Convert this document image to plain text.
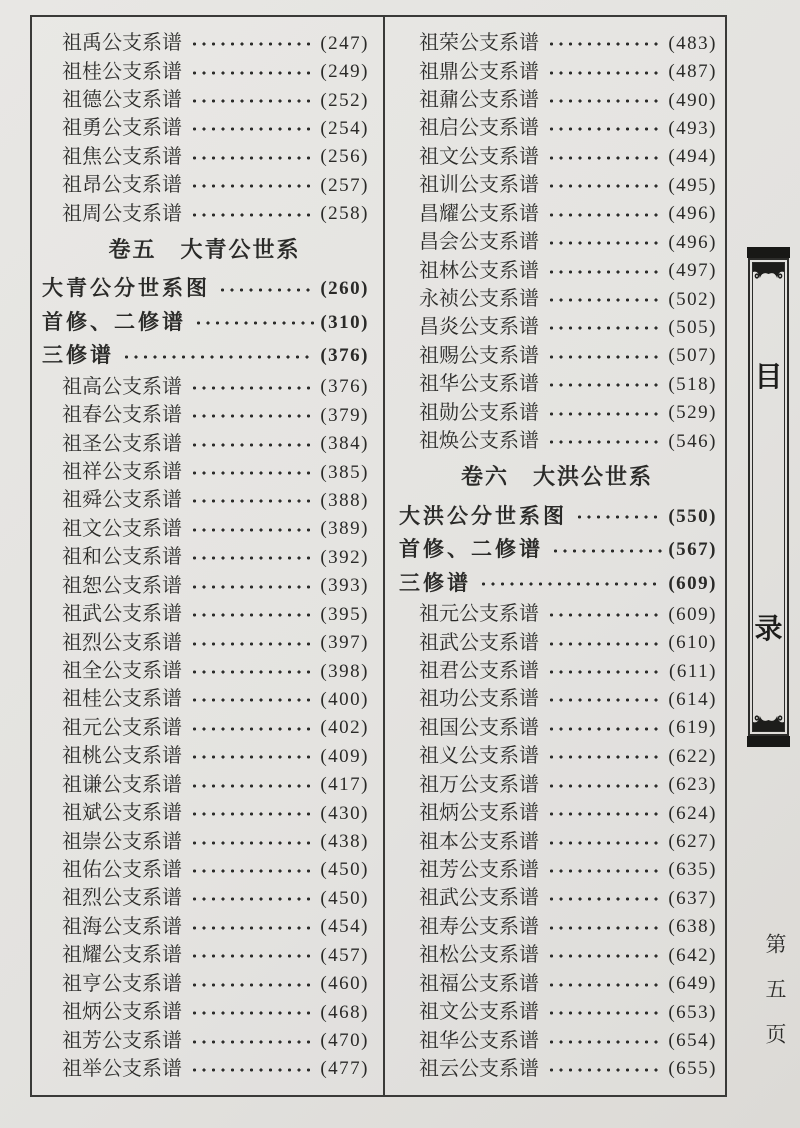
祖禹公支系谱	(247)
祖桂公支系谱	(249)
祖德公支系谱	(252)
祖勇公支系谱	(254)
祖焦公支系谱	(256)
祖昂公支系谱	(257)
祖周公支系谱	(258)
卷五　大青公世系
大青公分世系图	(260)
首修、二修谱	(310)
三修谱	(376)
祖高公支系谱	(376)
祖春公支系谱	(379)
祖圣公支系谱	(384)
祖祥公支系谱	(385)
祖舜公支系谱	(388)
祖文公支系谱	(389)
祖和公支系谱	(392)
祖恕公支系谱	(393)
祖武公支系谱	(395)
祖烈公支系谱	(397)
祖全公支系谱	(398)
祖桂公支系谱	(400)
祖元公支系谱	(402)
祖桃公支系谱	(409)
祖谦公支系谱	(417)
祖斌公支系谱	(430)
祖崇公支系谱	(438)
祖佑公支系谱	(450)
祖烈公支系谱	(450)
祖海公支系谱	(454)
祖耀公支系谱	(457)
祖亨公支系谱	(460)
祖炳公支系谱	(468)
祖芳公支系谱	(470)
祖举公支系谱	(477)
祖荣公支系谱	(483)
祖鼎公支系谱	(487)
祖鼐公支系谱	(490)
祖启公支系谱	(493)
祖文公支系谱	(494)
祖训公支系谱	(495)
昌耀公支系谱	(496)
昌会公支系谱	(496)
祖林公支系谱	(497)
永祯公支系谱	(502)
昌炎公支系谱	(505)
祖赐公支系谱	(507)
祖华公支系谱	(518)
祖勋公支系谱	(529)
祖焕公支系谱	(546)
卷六　大洪公世系
大洪公分世系图	(550)
首修、二修谱	(567)
三修谱	(609)
祖元公支系谱	(609)
祖武公支系谱	(610)
祖君公支系谱	(611)
祖功公支系谱	(614)
祖国公支系谱	(619)
祖义公支系谱	(622)
祖万公支系谱	(623)
祖炳公支系谱	(624)
祖本公支系谱	(627)
祖芳公支系谱	(635)
祖武公支系谱	(637)
祖寿公支系谱	(638)
祖松公支系谱	(642)
祖福公支系谱	(649)
祖文公支系谱	(653)
祖华公支系谱	(654)
祖云公支系谱	(655)
目
录
第五页
